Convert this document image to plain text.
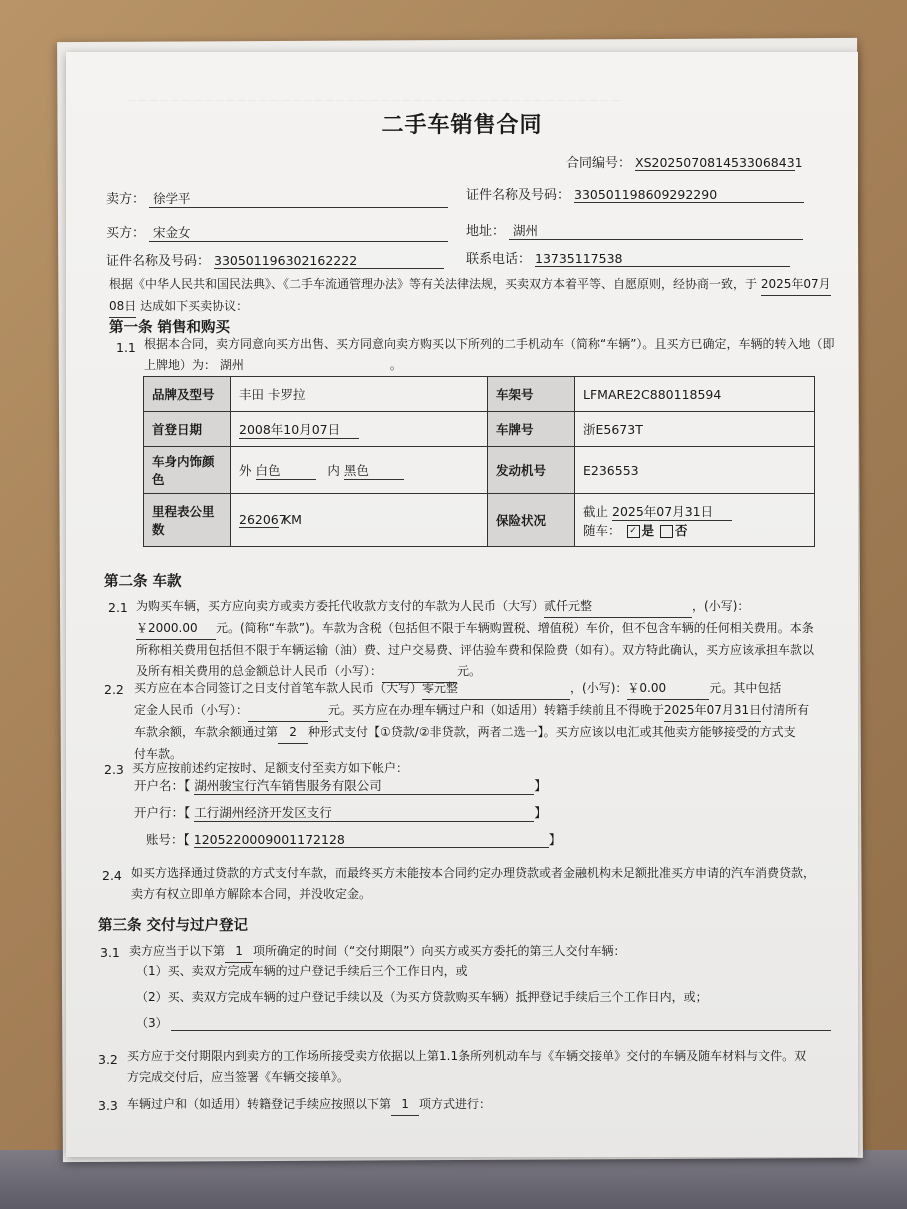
－－－－－－－－－－－－－－－－－－－－－－－－－－－－－－－－－－－－－－－－－－－－－
二手车销售合同
合同编号： XS2025070814533068431
卖方： 徐学平	证件名称及号码： 330501198609292290
买方： 宋金女	地址： 湖州
证件名称及号码： 330501196302162222	联系电话： 13735117538
根据《中华人民共和国民法典》、《二手车流通管理办法》等有关法律法规，买卖双方本着平等、自愿原则，经协商一致，于 2025年07月
08日 达成如下买卖协议：
第一条 销售和购买
1.1 根据本合同，卖方同意向买方出售、买方同意向卖方购买以下所列的二手机动车（简称“车辆”）。且买方已确定，车辆的转入地（即
上牌地）为： 湖州	。
品牌及型号	丰田 卡罗拉	车架号	LFMARE2C880118594
首登日期	2008年10月07日	车牌号	浙E5673T
车身内饰颜色	外 白色 内 黑色	发动机号	E236553
里程表公里数	262067 KM	保险状况	截止 2025年07月31日
随车： ✓ 是 否
第二条 车款
2.1 为购买车辆，买方应向卖方或卖方委托代收款方支付的车款为人民币（大写）贰仟元整	，(小写)：
￥2000.00 元。(简称“车款”)。车款为含税（包括但不限于车辆购置税、增值税）车价，但不包含车辆的任何相关费用。本条
所称相关费用包括但不限于车辆运输（油）费、过户交易费、评估验车费和保险费（如有）。双方特此确认，买方应该承担车款以
及所有相关费用的总金额总计人民币（小写）：	元。
2.2 买方应在本合同签订之日支付首笔车款人民币（大写）零元整	，(小写)：￥0.00	元。其中包括
定金人民币（小写）：	元。买方应在办理车辆过户和（如适用）转籍手续前且不得晚于2025年07月31日付清所有
车款余额，车款余额通过第 2 种形式支付【①贷款/②非贷款，两者二选一】。买方应该以电汇或其他卖方能够接受的方式支
付车款。
2.3 买方应按前述约定按时、足额支付至卖方如下帐户：
开户名：【 湖州骏宝行汽车销售服务有限公司	】
开户行：【 工行湖州经济开发区支行	】
账号：【 1205220009001172128	】
2.4 如买方选择通过贷款的方式支付车款，而最终买方未能按本合同约定办理贷款或者金融机构未足额批准买方申请的汽车消费贷款，
卖方有权立即单方解除本合同，并没收定金。
第三条 交付与过户登记
3.1 卖方应当于以下第 1 项所确定的时间（“交付期限”）向买方或买方委托的第三人交付车辆：
（1）买、卖双方完成车辆的过户登记手续后三个工作日内，或
（2）买、卖双方完成车辆的过户登记手续以及（为买方贷款购买车辆）抵押登记手续后三个工作日内，或；
（3）
3.2 买方应于交付期限内到卖方的工作场所接受卖方依据以上第1.1条所列机动车与《车辆交接单》交付的车辆及随车材料与文件。双
方完成交付后，应当签署《车辆交接单》。
3.3 车辆过户和（如适用）转籍登记手续应按照以下第 1 项方式进行：
